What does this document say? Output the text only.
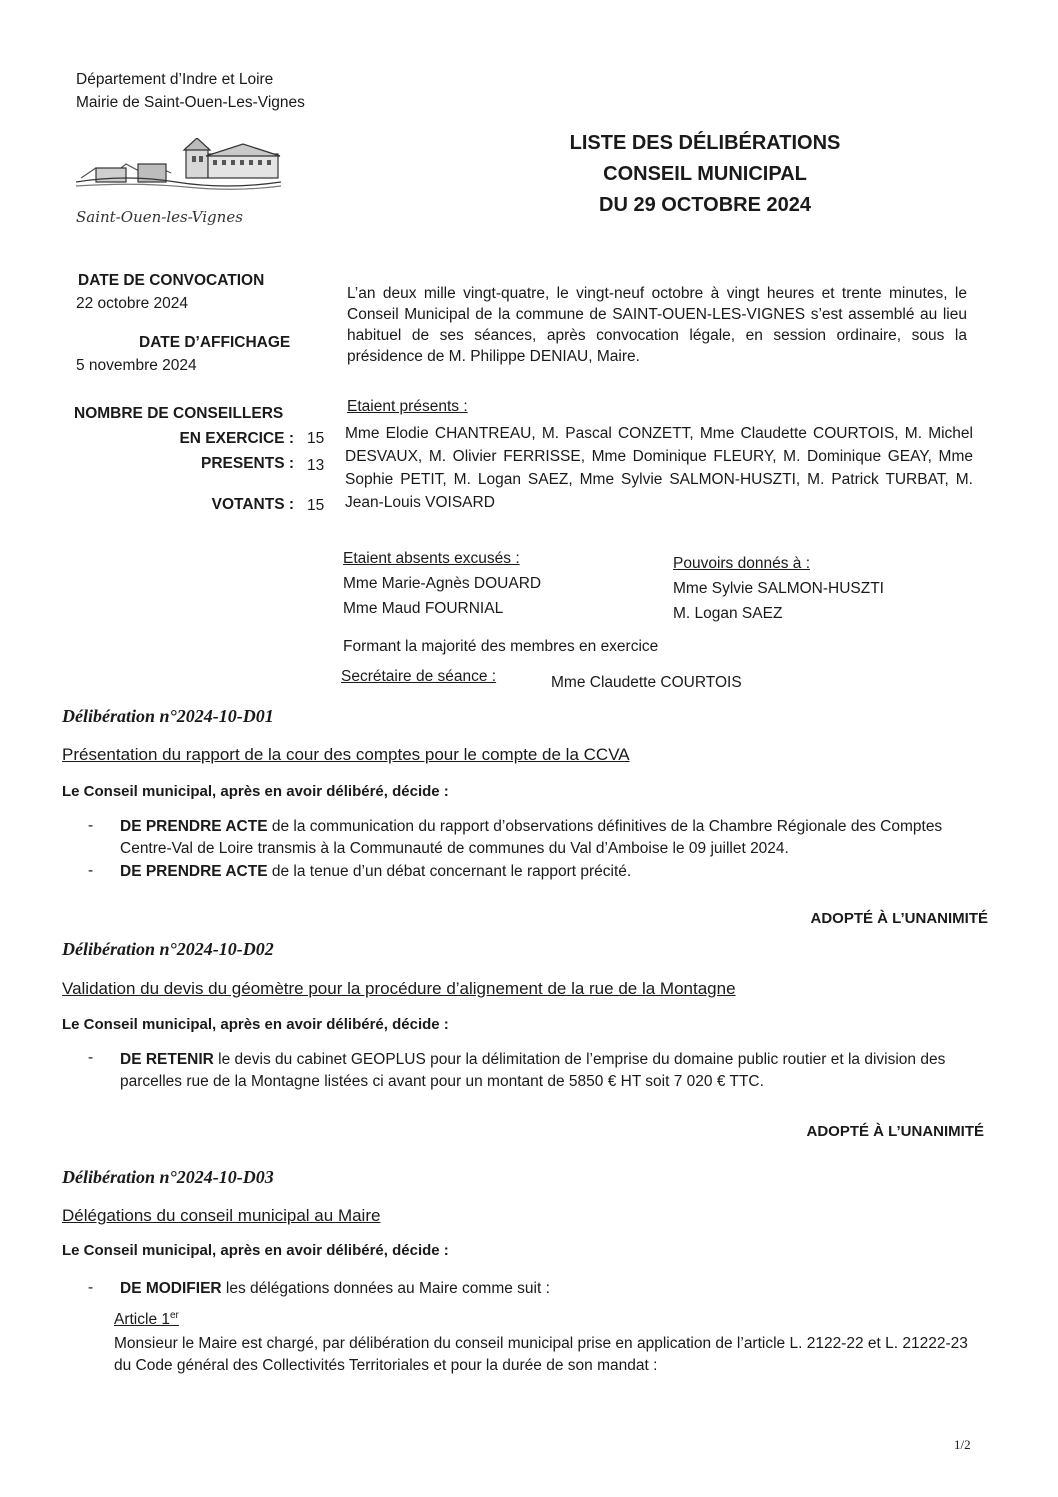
Département d’Indre et Loire
Mairie de Saint-Ouen-Les-Vignes
Saint-Ouen-les-Vignes
LISTE DES DÉLIBÉRATIONS
CONSEIL MUNICIPAL
DU 29 OCTOBRE 2024
DATE DE CONVOCATION
22 octobre 2024
DATE D’AFFICHAGE
5 novembre 2024
NOMBRE DE CONSEILLERS
EN EXERCICE : 15
PRESENTS : 13
VOTANTS : 15
L’an deux mille vingt-quatre, le vingt-neuf octobre à vingt heures et trente minutes, le Conseil Municipal de la commune de SAINT-OUEN-LES-VIGNES s’est assemblé au lieu habituel de ses séances, après convocation légale, en session ordinaire, sous la présidence de M. Philippe DENIAU, Maire.
Etaient présents :
Mme Elodie CHANTREAU, M. Pascal CONZETT, Mme Claudette COURTOIS, M. Michel DESVAUX, M. Olivier FERRISSE, Mme Dominique FLEURY, M. Dominique GEAY, Mme Sophie PETIT, M. Logan SAEZ, Mme Sylvie SALMON-HUSZTI, M. Patrick TURBAT, M. Jean-Louis VOISARD
Etaient absents excusés :
Mme Marie-Agnès DOUARD
Mme Maud FOURNIAL
Pouvoirs donnés à :
Mme Sylvie SALMON-HUSZTI
M. Logan SAEZ
Formant la majorité des membres en exercice
Secrétaire de séance :	Mme Claudette COURTOIS
Délibération n°2024-10-D01
Présentation du rapport de la cour des comptes pour le compte de la CCVA
Le Conseil municipal, après en avoir délibéré, décide :
- DE PRENDRE ACTE de la communication du rapport d’observations définitives de la Chambre Régionale des Comptes Centre-Val de Loire transmis à la Communauté de communes du Val d’Amboise le 09 juillet 2024.
- DE PRENDRE ACTE de la tenue d’un débat concernant le rapport précité.
ADOPTÉ À L’UNANIMITÉ
Délibération n°2024-10-D02
Validation du devis du géomètre pour la procédure d’alignement de la rue de la Montagne
Le Conseil municipal, après en avoir délibéré, décide :
- DE RETENIR le devis du cabinet GEOPLUS pour la délimitation de l’emprise du domaine public routier et la division des parcelles rue de la Montagne listées ci avant pour un montant de 5850 € HT soit 7 020 € TTC.
ADOPTÉ À L’UNANIMITÉ
Délibération n°2024-10-D03
Délégations du conseil municipal au Maire
Le Conseil municipal, après en avoir délibéré, décide :
- DE MODIFIER les délégations données au Maire comme suit :
Article 1er
Monsieur le Maire est chargé, par délibération du conseil municipal prise en application de l’article L. 2122-22 et L. 21222-23 du Code général des Collectivités Territoriales et pour la durée de son mandat :
1/2
